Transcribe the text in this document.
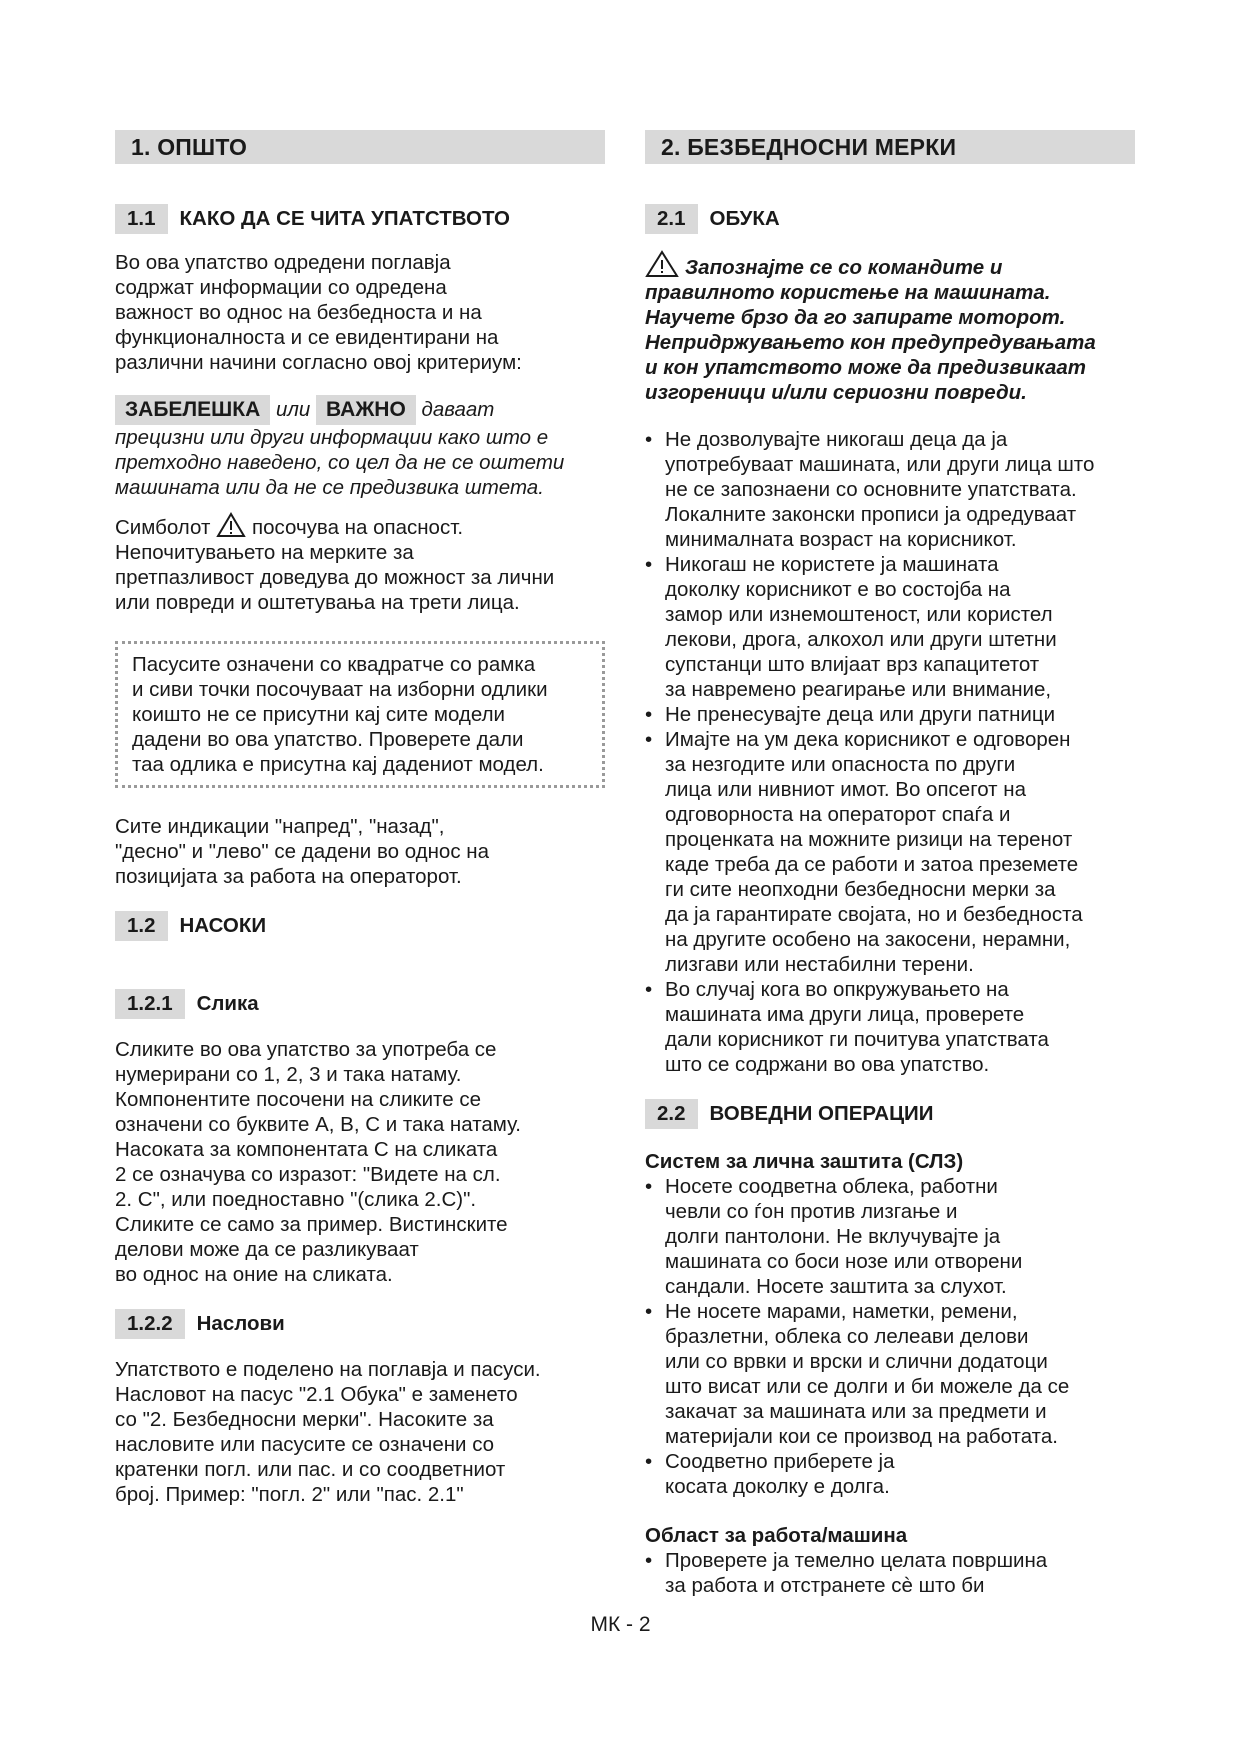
1. ОПШТО
1.1	КАКО ДА СЕ ЧИТА УПАТСТВОТО

Во ова упатство одредени поглавја
содржат информации со одредена
важност во однос на безбедноста и на
функционалноста и се евидентирани на
различни начини согласно овој критериум:

ЗАБЕЛЕШКА или ВАЖНО даваат
прецизни или други информации како што е
претходно наведено, со цел да не се оштети
машината или да не се предизвика штета.

Симболот посочува на опасност.
Непочитувањето на мерките за
претпазливост доведува до можност за лични
или повреди и оштетувања на трети лица.

Пасусите означени со квадратче со рамка
и сиви точки посочуваат на изборни одлики
коишто не се присутни кај сите модели
дадени во ова упатство. Проверете дали
таа одлика е присутна кај дадениот модел.

Сите индикации "напред", "назад",
"десно" и "лево" се дадени во однос на
позицијата за работа на операторот.

1.2	НАСОКИ
1.2.1	Слика

Сликите во ова упатство за употреба се
нумерирани со 1, 2, 3 и така натаму.
Компонентите посочени на сликите се
означени со буквите A, B, C и така натаму.
Насоката за компонентата C на сликата
2 се означува со изразот: "Видете на сл.
2. C", или поедноставно "(слика 2.C)".
Сликите се само за пример. Вистинските
делови може да се разликуваат
во однос на оние на сликата.

1.2.2	Наслови

Упатството е поделено на поглавја и пасуси.
Насловот на пасус "2.1 Обука" е заменето
со "2. Безбедносни мерки". Насоките за
насловите или пасусите се означени со
кратенки погл. или пас. и со соодветниот
број. Пример: "погл. 2" или "пас. 2.1"

2. БЕЗБЕДНОСНИ МЕРКИ
2.1	ОБУКА

Запознајте се со командите и
правилното користење на машината.
Научете брзо да го запирате моторот.
Непридржувањето кон предупредувањата
и кон упатството може да предизвикаат
изгореници и/или сериозни повреди.

• Не дозволувајте никогаш деца да ја
употребуваат машината, или други лица што
не се запознаени со основните упатствата.
Локалните законски прописи ја одредуваат
минималната возраст на корисникот.
• Никогаш не користете ја машината
доколку корисникот е во состојба на
замор или изнемоштеност, или користел
лекови, дрога, алкохол или други штетни
супстанци што влијаат врз капацитетот
за навремено реагирање или внимание,
• Не пренесувајте деца или други патници
• Имајте на ум дека корисникот е одговорен
за незгодите или опасноста по други
лица или нивниот имот. Во опсегот на
одговорноста на операторот спаѓа и
проценката на можните ризици на теренот
каде треба да се работи и затоа преземете
ги сите неопходни безбедносни мерки за
да ја гарантирате својата, но и безбедноста
на другите особено на закосени, нерамни,
лизгави или нестабилни терени.
• Во случај кога во опкружувањето на
машината има други лица, проверете
дали корисникот ги почитува упатствата
што се содржани во ова упатство.
2.2	ВОВЕДНИ ОПЕРАЦИИ

Систем за лична заштита (СЛЗ)

• Носете соодветна облека, работни
чевли со ѓон против лизгање и
долги пантолони. Не вклучувајте ја
машината со боси нозе или отворени
сандали. Носете заштита за слухот.
• Не носете марами, наметки, ремени,
бразлетни, облека со лелеави делови
или со врвки и врски и слични додатоци
што висат или се долги и би можеле да се
закачат за машината или за предмети и
материјали кои се производ на работата.
• Соодветно приберете ја
косата доколку е долга.

Област за работа/машина

• Проверете ја темелно целата површина
за работа и отстранете сè што би
МК - 2
